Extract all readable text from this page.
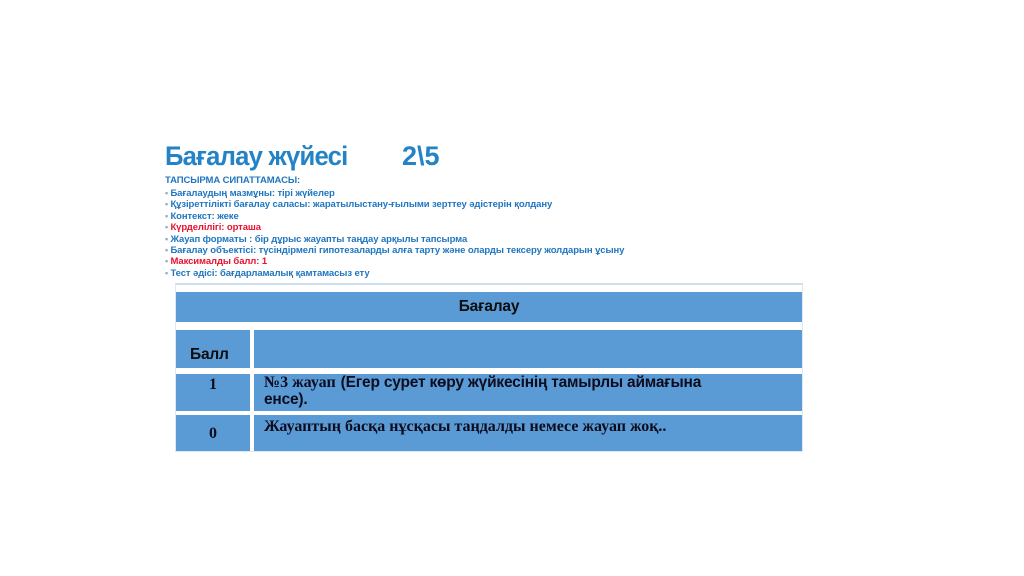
Бағалау жүйесі 2\5
ТАПСЫРМА СИПАТТАМАСЫ:
• Бағалаудың мазмұны: тірі жүйелер
• Құзіреттілікті бағалау саласы: жаратылыстану-ғылыми зерттеу әдістерін қолдану
• Контекст: жеке
• Күрделілігі: орташа
• Жауап форматы : бір дұрыс жауапты таңдау арқылы тапсырма
• Бағалау объектісі: түсіндірмелі гипотезаларды алға тарту және оларды тексеру жолдарын ұсыну
• Максималды балл: 1
• Тест әдісі: бағдарламалық қамтамасыз ету
Бағалау
Балл
1	№3 жауап (Егер сурет көру жүйкесінің тамырлы аймағына енсе).
0	Жауаптың басқа нұсқасы таңдалды немесе жауап жоқ..
